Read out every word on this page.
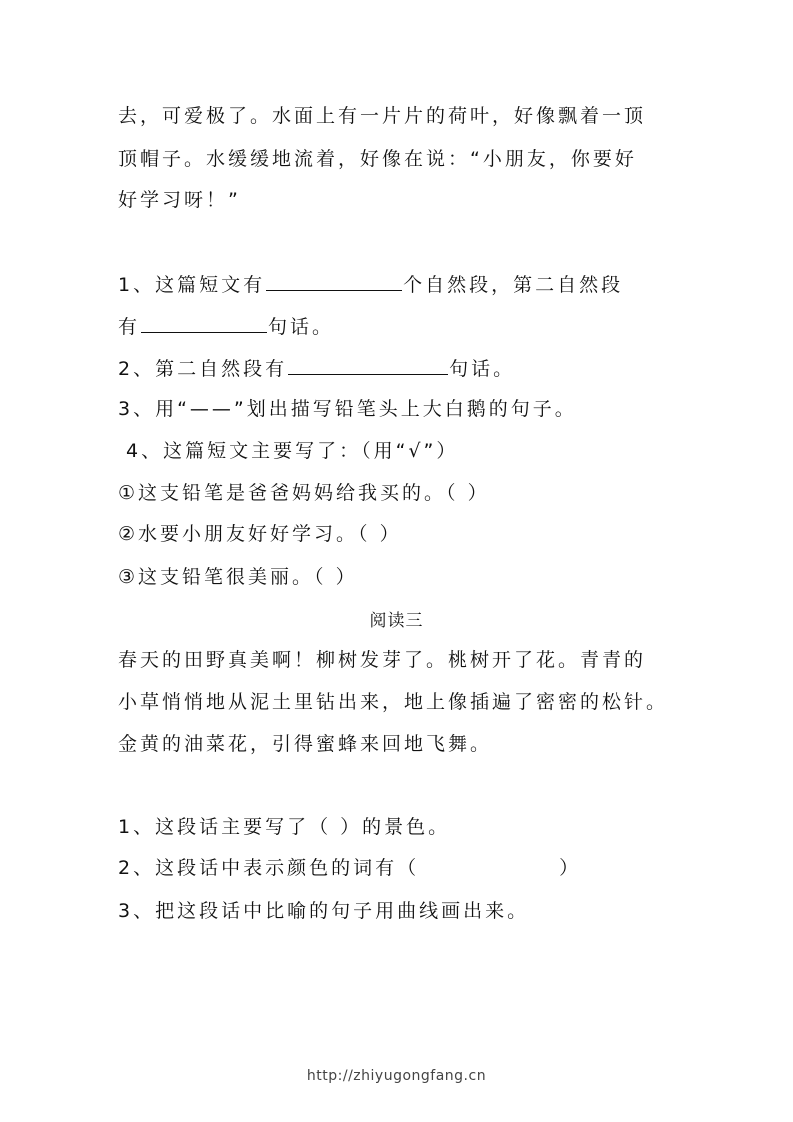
去，可爱极了。水面上有一片片的荷叶，好像飘着一顶
顶帽子。水缓缓地流着，好像在说：“小朋友，你要好
好学习呀！”
1、这篇短文有	个自然段，第二自然段
有	句话。
2、第二自然段有	句话。
3、用“——”划出描写铅笔头上大白鹅的句子。
4、这篇短文主要写了：（用“√”）
①这支铅笔是爸爸妈妈给我买的。（ ）
②水要小朋友好好学习。（ ）
③这支铅笔很美丽。（ ）
阅读三
春天的田野真美啊！柳树发芽了。桃树开了花。青青的
小草悄悄地从泥土里钻出来，地上像插遍了密密的松针。
金黄的油菜花，引得蜜蜂来回地飞舞。
1、这段话主要写了（ ）的景色。
2、这段话中表示颜色的词有（	）
3、把这段话中比喻的句子用曲线画出来。
http://zhiyugongfang.cn
